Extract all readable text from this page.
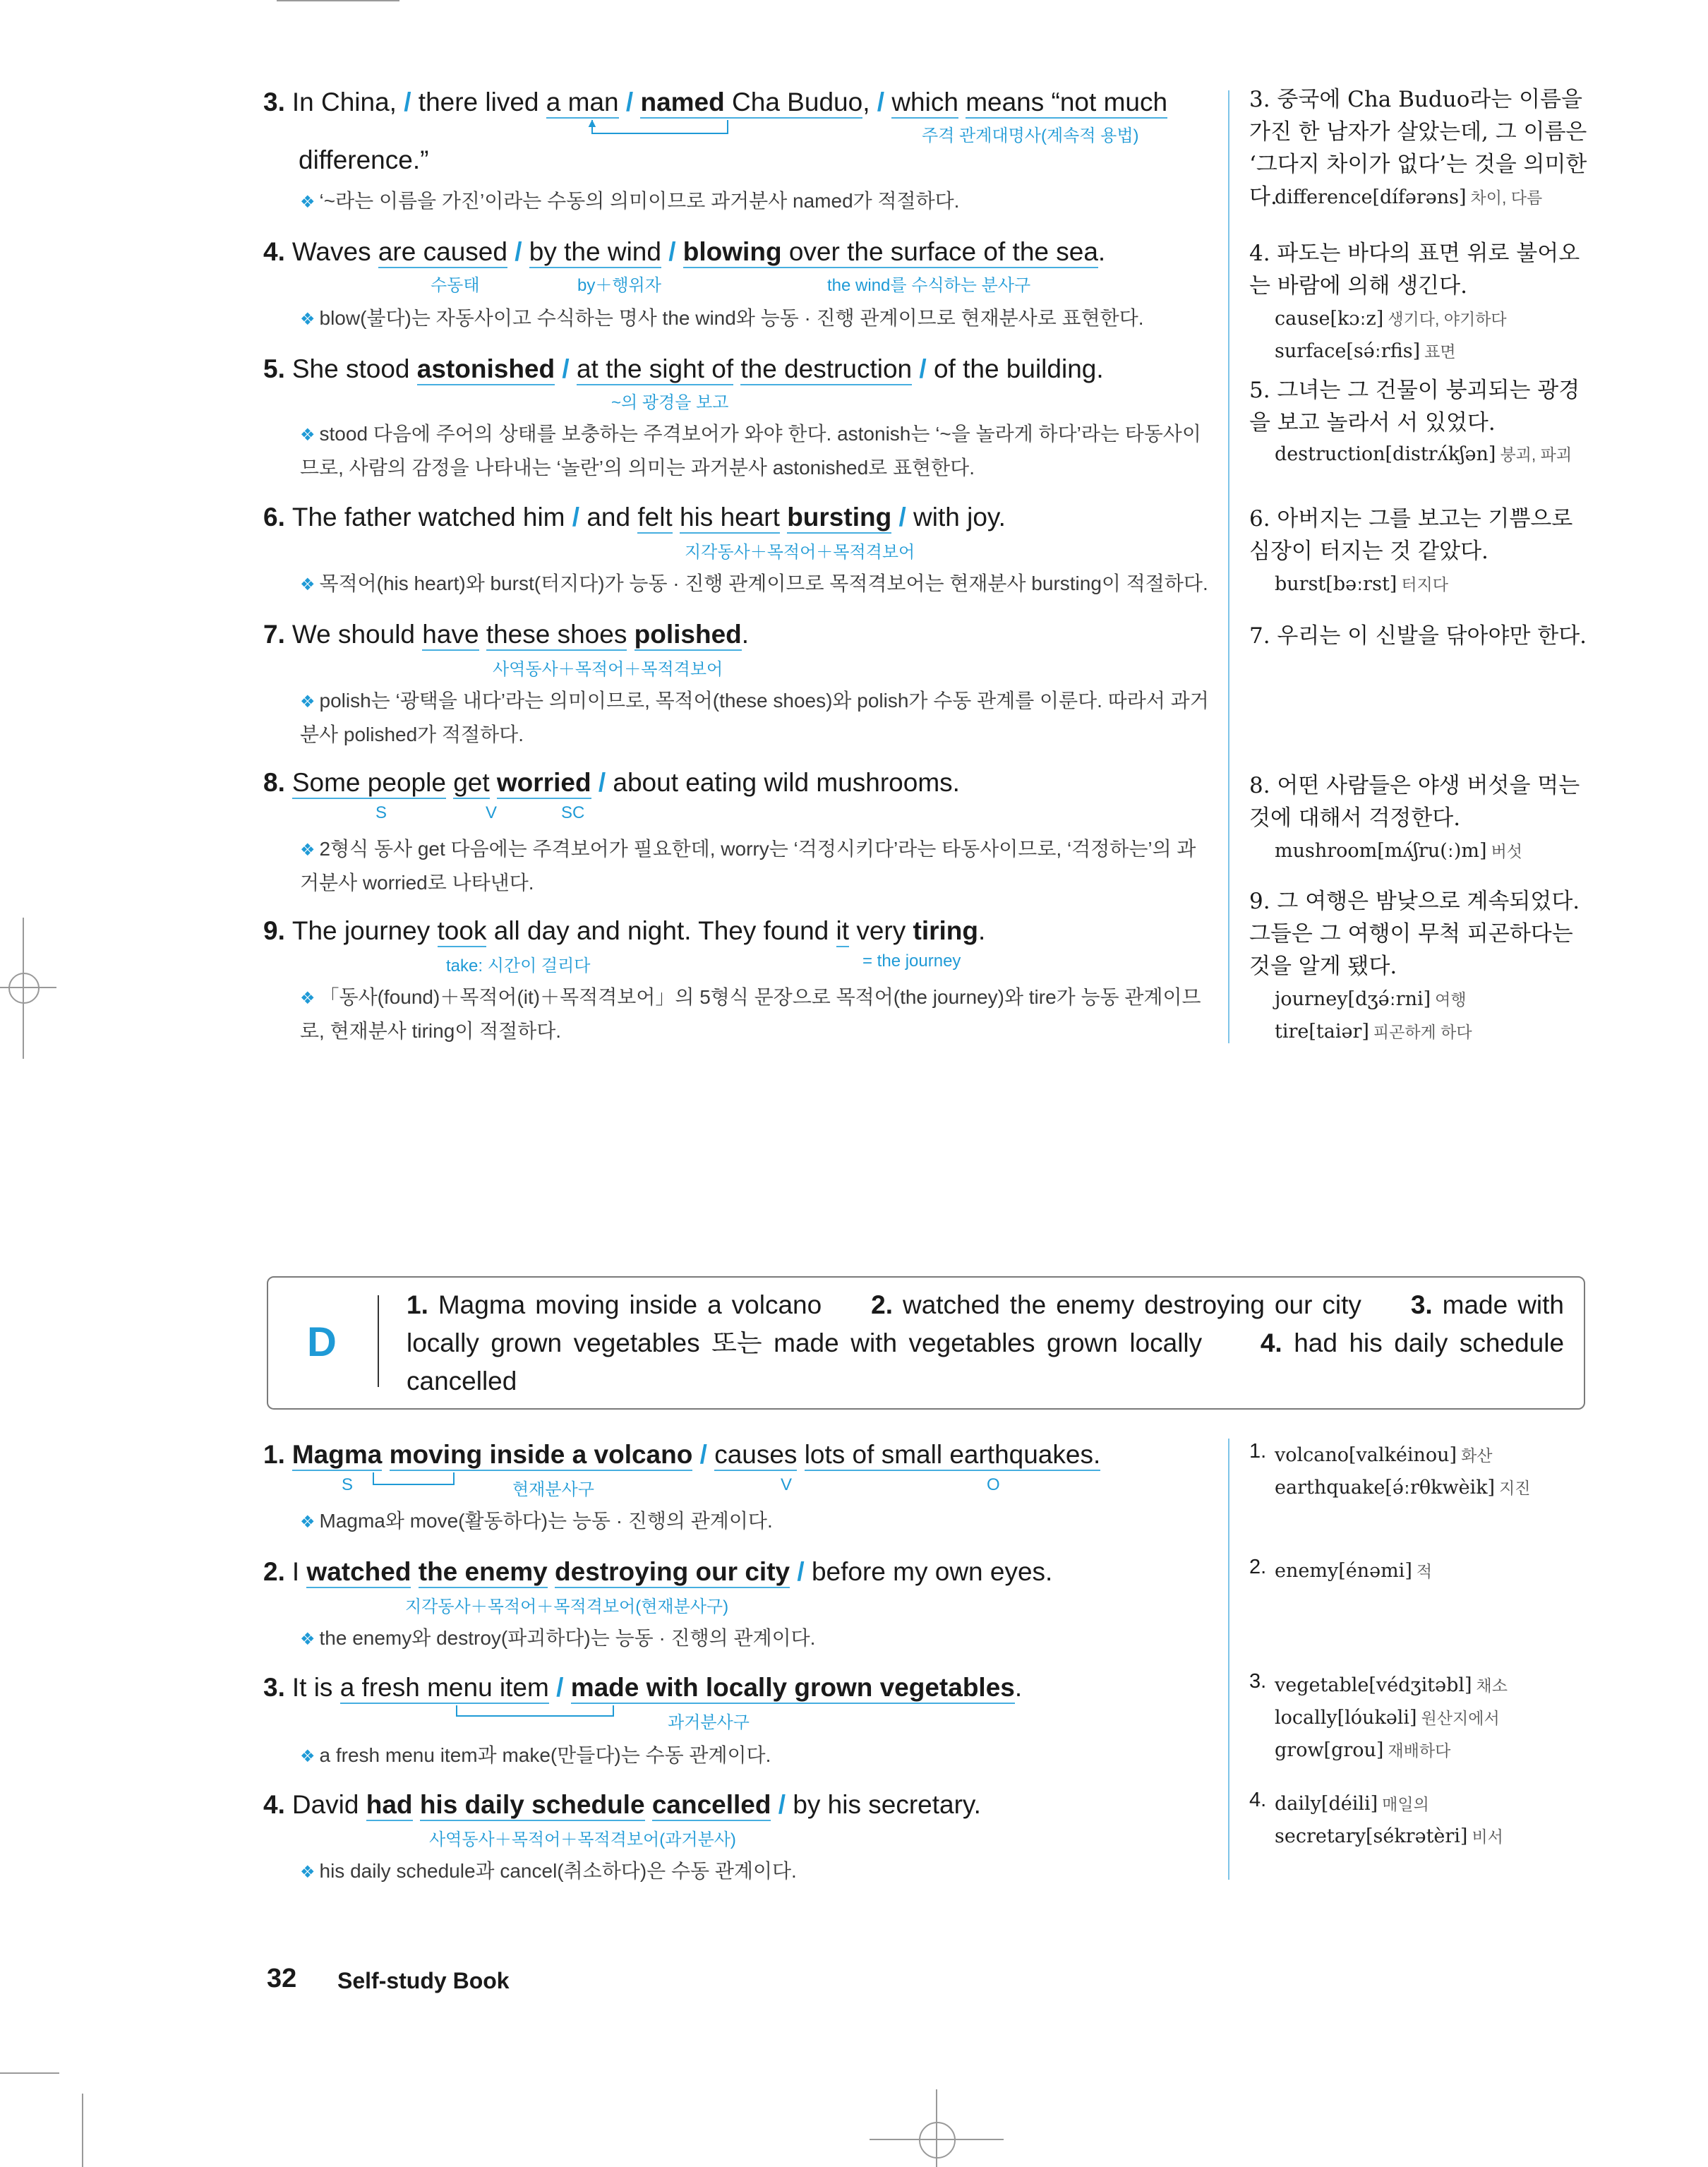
3. In China, / there lived a man / named Cha Buduo, / which means “not much
▲
주격 관계대명사(계속적 용법)
difference.”
❖ ‘~라는 이름을 가진’이라는 수동의 의미이므로 과거분사 named가 적절하다.
4. Waves are caused / by the wind / blowing over the surface of the sea.
수동태	by＋행위자	the wind를 수식하는 분사구
❖ blow(불다)는 자동사이고 수식하는 명사 the wind와 능동 · 진행 관계이므로 현재분사로 표현한다.
5. She stood astonished / at the sight of the destruction / of the building.
~의 광경을 보고
❖ stood 다음에 주어의 상태를 보충하는 주격보어가 와야 한다. astonish는 ‘~을 놀라게 하다’라는 타동사이므로, 사람의 감정을 나타내는 ‘놀란’의 의미는 과거분사 astonished로 표현한다.
6. The father watched him / and felt his heart bursting / with joy.
지각동사＋목적어＋목적격보어
❖ 목적어(his heart)와 burst(터지다)가 능동 · 진행 관계이므로 목적격보어는 현재분사 bursting이 적절하다.
7. We should have these shoes polished.
사역동사＋목적어＋목적격보어
❖ polish는 ‘광택을 내다’라는 의미이므로, 목적어(these shoes)와 polish가 수동 관계를 이룬다. 따라서 과거분사 polished가 적절하다.
8. Some people get worried / about eating wild mushrooms.
S	V	SC
❖ 2형식 동사 get 다음에는 주격보어가 필요한데, worry는 ‘걱정시키다’라는 타동사이므로, ‘걱정하는’의 과거분사 worried로 나타낸다.
9. The journey took all day and night. They found it very tiring.
take: 시간이 걸리다	= the journey
❖ 「동사(found)＋목적어(it)＋목적격보어」의 5형식 문장으로 목적어(the journey)와 tire가 능동 관계이므로, 현재분사 tiring이 적절하다.
3. 중국에 Cha Buduo라는 이름을 가진 한 남자가 살았는데, 그 이름은 ‘그다지 차이가 없다’는 것을 의미한다.
difference[dífərəns] 차이, 다름
4. 파도는 바다의 표면 위로 불어오는 바람에 의해 생긴다.
cause[kɔːz] 생기다, 야기하다
surface[sə́ːrfis] 표면
5. 그녀는 그 건물이 붕괴되는 광경을 보고 놀라서 서 있었다.
destruction[distrʌ́kʃən] 붕괴, 파괴
6. 아버지는 그를 보고는 기쁨으로 심장이 터지는 것 같았다.
burst[bəːrst] 터지다
7. 우리는 이 신발을 닦아야만 한다.
8. 어떤 사람들은 야생 버섯을 먹는 것에 대해서 걱정한다.
mushroom[mʌ́ʃru(ː)m] 버섯
9. 그 여행은 밤낮으로 계속되었다. 그들은 그 여행이 무척 피곤하다는 것을 알게 됐다.
journey[dʒə́ːrni] 여행
tire[taiər] 피곤하게 하다
D
1. Magma moving inside a volcano 2. watched the enemy destroying our city 3. made with locally grown vegetables 또는 made with vegetables grown locally 4. had his daily schedule cancelled
1. Magma moving inside a volcano / causes lots of small earthquakes.
S	현재분사구	V	O
❖ Magma와 move(활동하다)는 능동 · 진행의 관계이다.
2. I watched the enemy destroying our city / before my own eyes.
지각동사＋목적어＋목적격보어(현재분사구)
❖ the enemy와 destroy(파괴하다)는 능동 · 진행의 관계이다.
3. It is a fresh menu item / made with locally grown vegetables.
과거분사구
❖ a fresh menu item과 make(만들다)는 수동 관계이다.
4. David had his daily schedule cancelled / by his secretary.
사역동사＋목적어＋목적격보어(과거분사)
❖ his daily schedule과 cancel(취소하다)은 수동 관계이다.
1. volcano[valkéinou] 화산
earthquake[ə́ːrθkwèik] 지진
2. enemy[énəmi] 적
3. vegetable[védʒitəbl] 채소
locally[lóukəli] 원산지에서
grow[grou] 재배하다
4. daily[déili] 매일의
secretary[sékrətèri] 비서
32 Self-study Book
